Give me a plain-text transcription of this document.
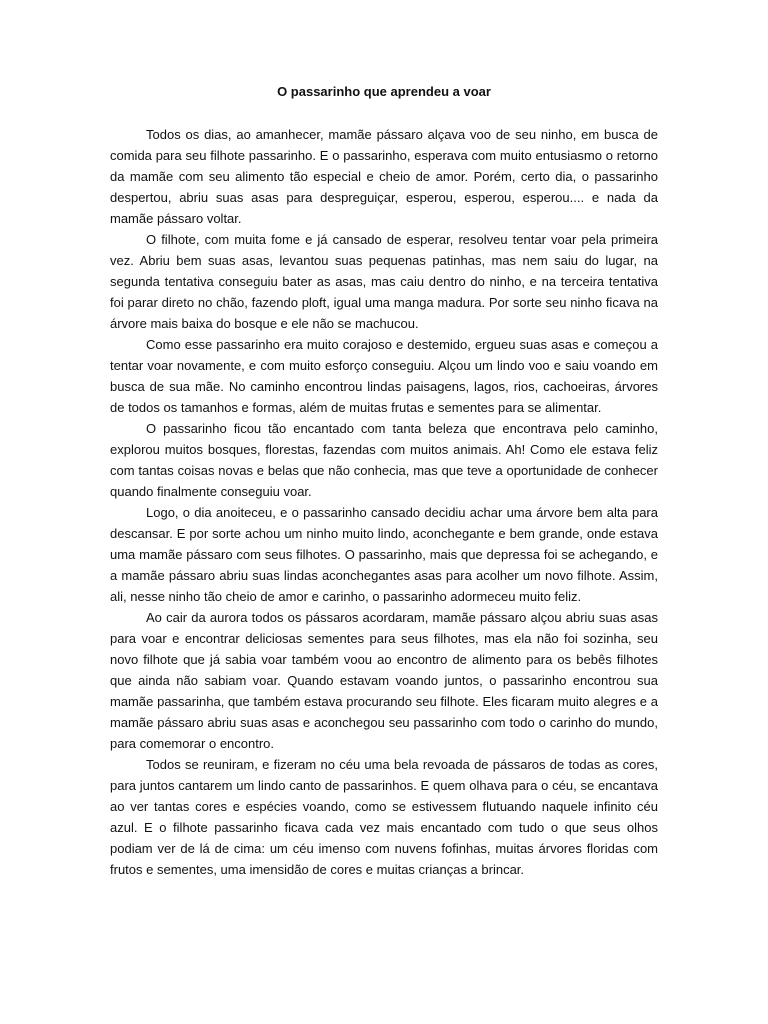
O passarinho que aprendeu a voar

Todos os dias, ao amanhecer, mamãe pássaro alçava voo de seu ninho, em busca de comida para seu filhote passarinho. E o passarinho, esperava com muito entusiasmo o retorno da mamãe com seu alimento tão especial e cheio de amor. Porém, certo dia, o passarinho despertou, abriu suas asas para despreguiçar, esperou, esperou, esperou.... e nada da mamãe pássaro voltar.

O filhote, com muita fome e já cansado de esperar, resolveu tentar voar pela primeira vez. Abriu bem suas asas, levantou suas pequenas patinhas, mas nem saiu do lugar, na segunda tentativa conseguiu bater as asas, mas caiu dentro do ninho, e na terceira tentativa foi parar direto no chão, fazendo ploft, igual uma manga madura. Por sorte seu ninho ficava na árvore mais baixa do bosque e ele não se machucou.

Como esse passarinho era muito corajoso e destemido, ergueu suas asas e começou a tentar voar novamente, e com muito esforço conseguiu. Alçou um lindo voo e saiu voando em busca de sua mãe. No caminho encontrou lindas paisagens, lagos, rios, cachoeiras, árvores de todos os tamanhos e formas, além de muitas frutas e sementes para se alimentar.

O passarinho ficou tão encantado com tanta beleza que encontrava pelo caminho, explorou muitos bosques, florestas, fazendas com muitos animais. Ah! Como ele estava feliz com tantas coisas novas e belas que não conhecia, mas que teve a oportunidade de conhecer quando finalmente conseguiu voar.

Logo, o dia anoiteceu, e o passarinho cansado decidiu achar uma árvore bem alta para descansar. E por sorte achou um ninho muito lindo, aconchegante e bem grande, onde estava uma mamãe pássaro com seus filhotes. O passarinho, mais que depressa foi se achegando, e a mamãe pássaro abriu suas lindas aconchegantes asas para acolher um novo filhote. Assim, ali, nesse ninho tão cheio de amor e carinho, o passarinho adormeceu muito feliz.

Ao cair da aurora todos os pássaros acordaram, mamãe pássaro alçou abriu suas asas para voar e encontrar deliciosas sementes para seus filhotes, mas ela não foi sozinha, seu novo filhote que já sabia voar também voou ao encontro de alimento para os bebês filhotes que ainda não sabiam voar. Quando estavam voando juntos, o passarinho encontrou sua mamãe passarinha, que também estava procurando seu filhote. Eles ficaram muito alegres e a mamãe pássaro abriu suas asas e aconchegou seu passarinho com todo o carinho do mundo, para comemorar o encontro.

Todos se reuniram, e fizeram no céu uma bela revoada de pássaros de todas as cores, para juntos cantarem um lindo canto de passarinhos. E quem olhava para o céu, se encantava ao ver tantas cores e espécies voando, como se estivessem flutuando naquele infinito céu azul. E o filhote passarinho ficava cada vez mais encantado com tudo o que seus olhos podiam ver de lá de cima: um céu imenso com nuvens fofinhas, muitas árvores floridas com frutos e sementes, uma imensidão de cores e muitas crianças a brincar.
